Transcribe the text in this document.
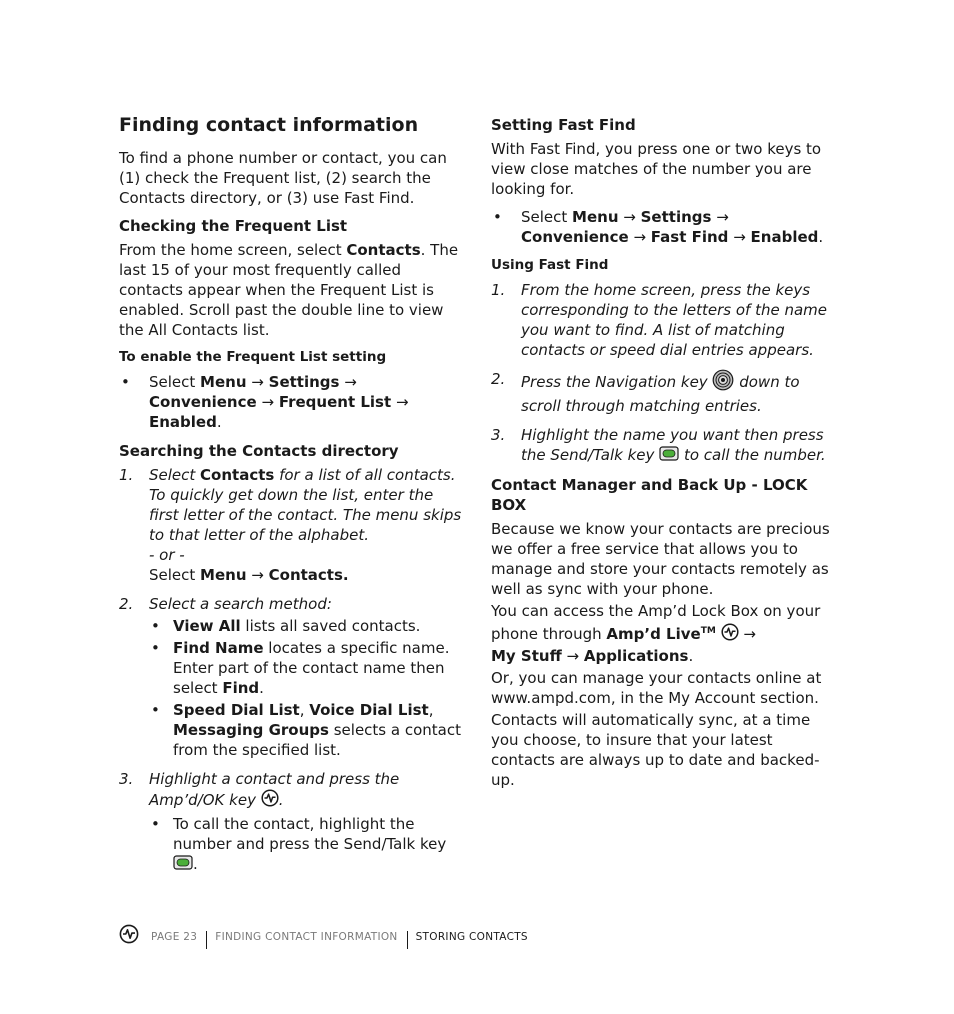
Finding contact information

To find a phone number or contact, you can (1) check the Frequent list, (2) search the Contacts directory, or (3) use Fast Find.

Checking the Frequent List

From the home screen, select Contacts. The last 15 of your most frequently called contacts appear when the Frequent List is enabled. Scroll past the double line to view the All Contacts list.

To enable the Frequent List setting
• Select Menu → Settings →
Convenience → Frequent List → Enabled.
Searching the Contacts directory
1. Select Contacts for a list of all contacts.
To quickly get down the list, enter the first letter of the contact. The menu skips to that letter of the alphabet.
- or -
Select Menu → Contacts.
2. Select a search method:
• View All lists all saved contacts.
• Find Name locates a specific name. Enter part of the contact name then select Find.
• Speed Dial List, Voice Dial List, Messaging Groups selects a contact from the specified list.
3. Highlight a contact and press the Amp’d/OK key .
• To call the contact, highlight the number and press the Send/Talk key .
Setting Fast Find

With Fast Find, you press one or two keys to view close matches of the number you are looking for.

• Select Menu → Settings →
Convenience → Fast Find → Enabled.
Using Fast Find
1. From the home screen, press the keys corresponding to the letters of the name you want to find. A list of matching contacts or speed dial entries appears.
2. Press the Navigation key  down to scroll through matching entries.
3. Highlight the name you want then press the Send/Talk key  to call the number.
Contact Manager and Back Up - LOCK BOX

Because we know your contacts are precious we offer a free service that allows you to manage and store your contacts remotely as well as sync with your phone.

You can access the Amp’d Lock Box on your phone through Amp’d Live™  →
My Stuff → Applications.

Or, you can manage your contacts online at www.ampd.com, in the My Account section.

Contacts will automatically sync, at a time you choose, to insure that your latest contacts are always up to date and backed-up.

PAGE 23 FINDING CONTACT INFORMATION STORING CONTACTS
